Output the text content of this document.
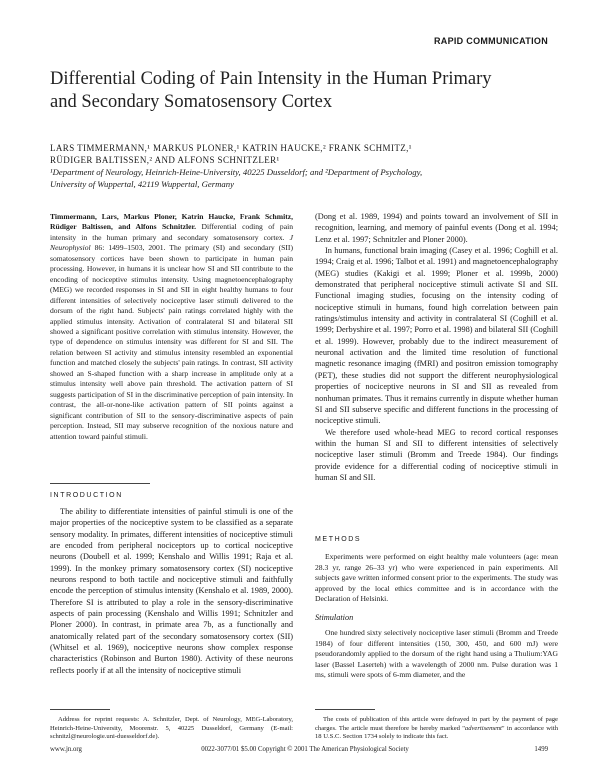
RAPID COMMUNICATION
Differential Coding of Pain Intensity in the Human Primary
and Secondary Somatosensory Cortex
LARS TIMMERMANN,¹ MARKUS PLONER,¹ KATRIN HAUCKE,² FRANK SCHMITZ,¹
RÜDIGER BALTISSEN,² AND ALFONS SCHNITZLER¹
¹Department of Neurology, Heinrich-Heine-University, 40225 Dusseldorf; and ²Department of Psychology,
University of Wuppertal, 42119 Wuppertal, Germany

Timmermann, Lars, Markus Ploner, Katrin Haucke, Frank Schmitz, Rüdiger Baltissen, and Alfons Schnitzler. Differential coding of pain intensity in the human primary and secondary somatosensory cortex. J Neurophysiol 86: 1499–1503, 2001. The primary (SI) and secondary (SII) somatosensory cortices have been shown to participate in human pain processing. However, in humans it is unclear how SI and SII contribute to the encoding of nociceptive stimulus intensity. Using magnetoencephalography (MEG) we recorded responses in SI and SII in eight healthy humans to four different intensities of selectively nociceptive laser stimuli delivered to the dorsum of the right hand. Subjects' pain ratings correlated highly with the applied stimulus intensity. Activation of contralateral SI and bilateral SII showed a significant positive correlation with stimulus intensity. However, the type of dependence on stimulus intensity was different for SI and SII. The relation between SI activity and stimulus intensity resembled an exponential function and matched closely the subjects' pain ratings. In contrast, SII activity showed an S-shaped function with a sharp increase in amplitude only at a stimulus intensity well above pain threshold. The activation pattern of SI suggests participation of SI in the discriminative perception of pain intensity. In contrast, the all-or-none-like activation pattern of SII points against a significant contribution of SII to the sensory-discriminative aspects of pain perception. Instead, SII may subserve recognition of the noxious nature and attention toward painful stimuli.

INTRODUCTION

The ability to differentiate intensities of painful stimuli is one of the major properties of the nociceptive system to be classified as a separate sensory modality. In primates, different intensities of nociceptive stimuli are encoded from peripheral nociceptors up to cortical nociceptive neurons (Doubell et al. 1999; Kenshalo and Willis 1991; Raja et al. 1999). In the monkey primary somatosensory cortex (SI) nociceptive neurons respond to both tactile and nociceptive stimuli and faithfully encode the perception of stimulus intensity (Kenshalo et al. 1989, 2000). Therefore SI is attributed to play a role in the sensory-discriminative aspects of pain processing (Kenshalo and Willis 1991; Schnitzler and Ploner 2000). In contrast, in primate area 7b, as a functionally and anatomically related part of the secondary somatosensory cortex (SII) (Whitsel et al. 1969), nociceptive neurons show complex response characteristics (Robinson and Burton 1980). Activity of these neurons reflects poorly if at all the intensity of nociceptive stimuli

Address for reprint requests: A. Schnitzler, Dept. of Neurology, MEG-Laboratory, Heinrich-Heine-University, Moorenstr. 5, 40225 Dusseldorf, Germany (E-mail: schnitzl@neurologie.uni-duesseldorf.de).

(Dong et al. 1989, 1994) and points toward an involvement of SII in recognition, learning, and memory of painful events (Dong et al. 1994; Lenz et al. 1997; Schnitzler and Ploner 2000).

In humans, functional brain imaging (Casey et al. 1996; Coghill et al. 1994; Craig et al. 1996; Talbot et al. 1991) and magnetoencephalography (MEG) studies (Kakigi et al. 1999; Ploner et al. 1999b, 2000) demonstrated that peripheral nociceptive stimuli activate SI and SII. Functional imaging studies, focusing on the intensity coding of nociceptive stimuli in humans, found high correlation between pain ratings/stimulus intensity and activity in contralateral SI (Coghill et al. 1999; Derbyshire et al. 1997; Porro et al. 1998) and bilateral SII (Coghill et al. 1999). However, probably due to the indirect measurement of neuronal activation and the limited time resolution of functional magnetic resonance imaging (fMRI) and positron emission tomography (PET), these studies did not support the different neurophysiological properties of nociceptive neurons in SI and SII as revealed from nonhuman primates. Thus it remains currently in dispute whether human SI and SII subserve specific and different functions in the processing of nociceptive stimuli.

We therefore used whole-head MEG to record cortical responses within the human SI and SII to different intensities of selectively nociceptive laser stimuli (Bromm and Treede 1984). Our findings provide evidence for a differential coding of nociceptive stimuli in human SI and SII.

METHODS

Experiments were performed on eight healthy male volunteers (age: mean 28.3 yr, range 26–33 yr) who were experienced in pain experiments. All subjects gave written informed consent prior to the experiments. The study was approved by the local ethics committee and is in accordance with the Declaration of Helsinki.

Stimulation

One hundred sixty selectively nociceptive laser stimuli (Bromm and Treede 1984) of four different intensities (150, 300, 450, and 600 mJ) were pseudorandomly applied to the dorsum of the right hand using a Thulium:YAG laser (Bassel Laserteh) with a wavelength of 2000 nm. Pulse duration was 1 ms, stimuli were spots of 6-mm diameter, and the

The costs of publication of this article were defrayed in part by the payment of page charges. The article must therefore be hereby marked "advertisement" in accordance with 18 U.S.C. Section 1734 solely to indicate this fact.
www.jn.org	0022-3077/01 $5.00 Copyright © 2001 The American Physiological Society	1499
